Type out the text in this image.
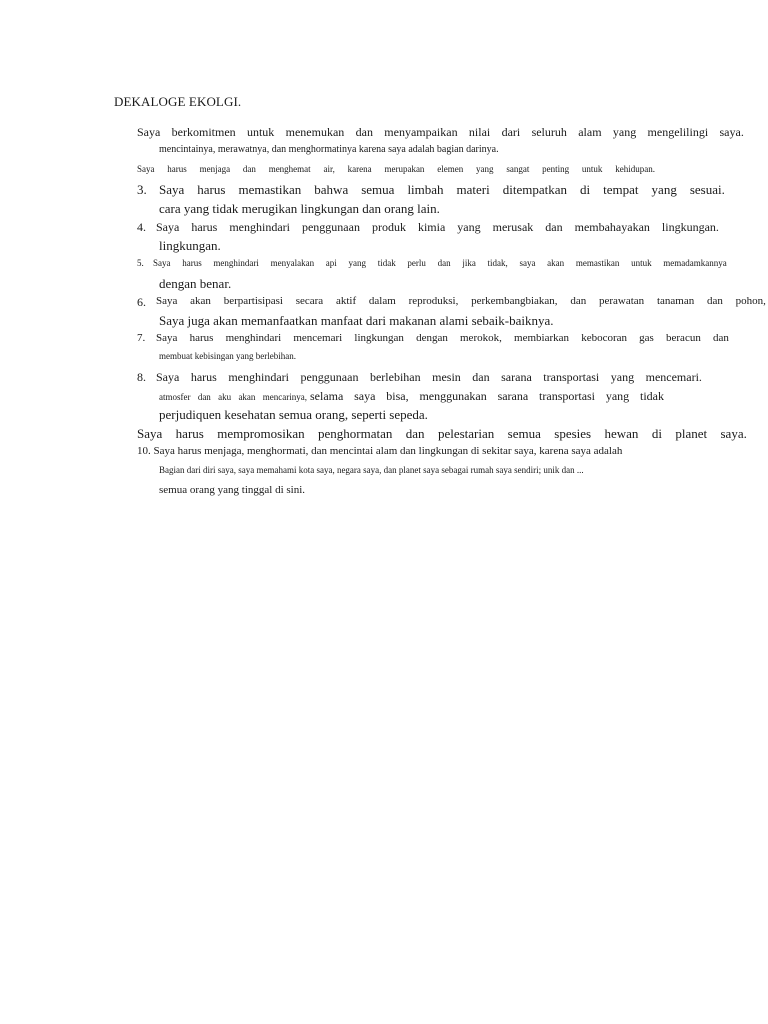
DEKALOGE EKOLGI.
Saya berkomitmen untuk menemukan dan menyampaikan nilai dari seluruh alam yang mengelilingi saya.
mencintainya, merawatnya, dan menghormatinya karena saya adalah bagian darinya.
Saya harus menjaga dan menghemat air, karena merupakan elemen yang sangat penting untuk kehidupan.
3. Saya harus memastikan bahwa semua limbah materi ditempatkan di tempat yang sesuai.
cara yang tidak merugikan lingkungan dan orang lain.
4. Saya harus menghindari penggunaan produk kimia yang merusak dan membahayakan lingkungan.
lingkungan.
5. Saya harus menghindari menyalakan api yang tidak perlu dan jika tidak, saya akan memastikan untuk memadamkannya
dengan benar.
6. Saya akan berpartisipasi secara aktif dalam reproduksi, perkembangbiakan, dan perawatan tanaman dan pohon,
Saya juga akan memanfaatkan manfaat dari makanan alami sebaik-baiknya.
7. Saya harus menghindari mencemari lingkungan dengan merokok, membiarkan kebocoran gas beracun dan
membuat kebisingan yang berlebihan.
8. Saya harus menghindari penggunaan berlebihan mesin dan sarana transportasi yang mencemari.
atmosfer dan aku akan mencarinya, selama saya bisa, menggunakan sarana transportasi yang tidak
perjudiquen kesehatan semua orang, seperti sepeda.
Saya harus mempromosikan penghormatan dan pelestarian semua spesies hewan di planet saya.
10. Saya harus menjaga, menghormati, dan mencintai alam dan lingkungan di sekitar saya, karena saya adalah
Bagian dari diri saya, saya memahami kota saya, negara saya, dan planet saya sebagai rumah saya sendiri; unik dan ...
semua orang yang tinggal di sini.
